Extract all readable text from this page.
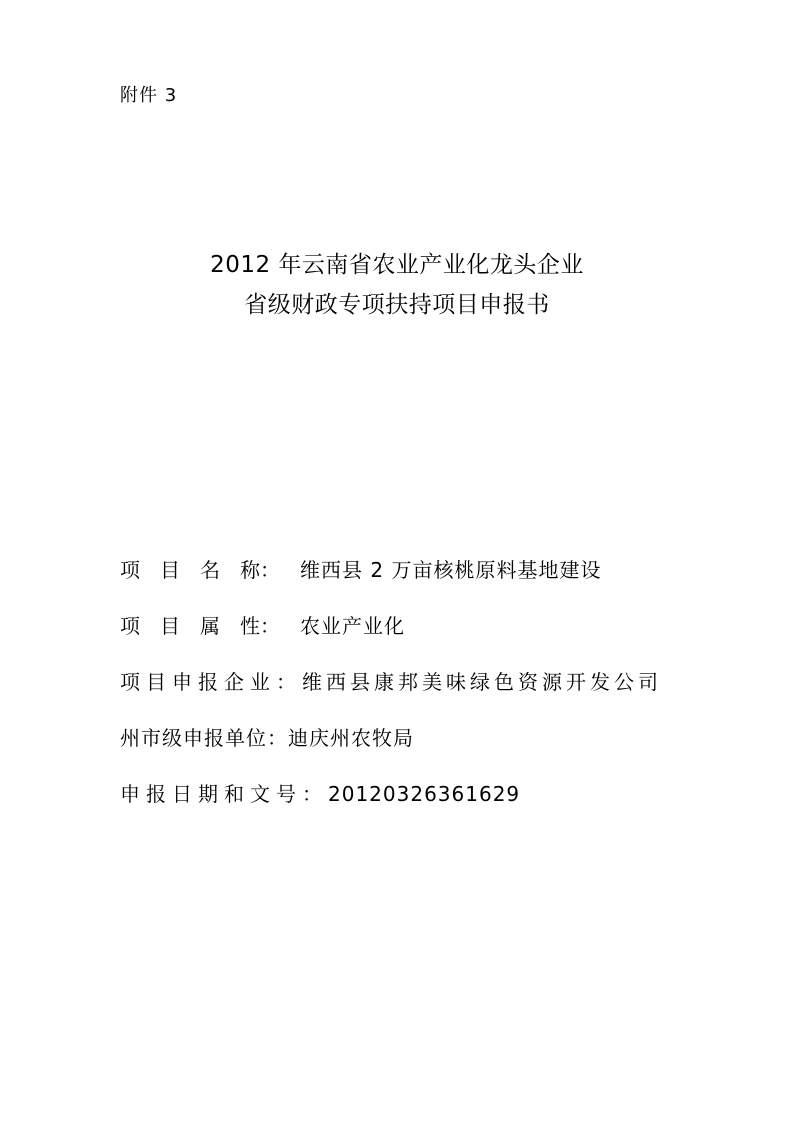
附件 3
2012 年云南省农业产业化龙头企业
省级财政专项扶持项目申报书
项　目　名　称： 维西县 2 万亩核桃原料基地建设
项　目　属　性： 农业产业化
项目申报企业：维西县康邦美味绿色资源开发公司
州市级申报单位：迪庆州农牧局
申报日期和文号：20120326361629
